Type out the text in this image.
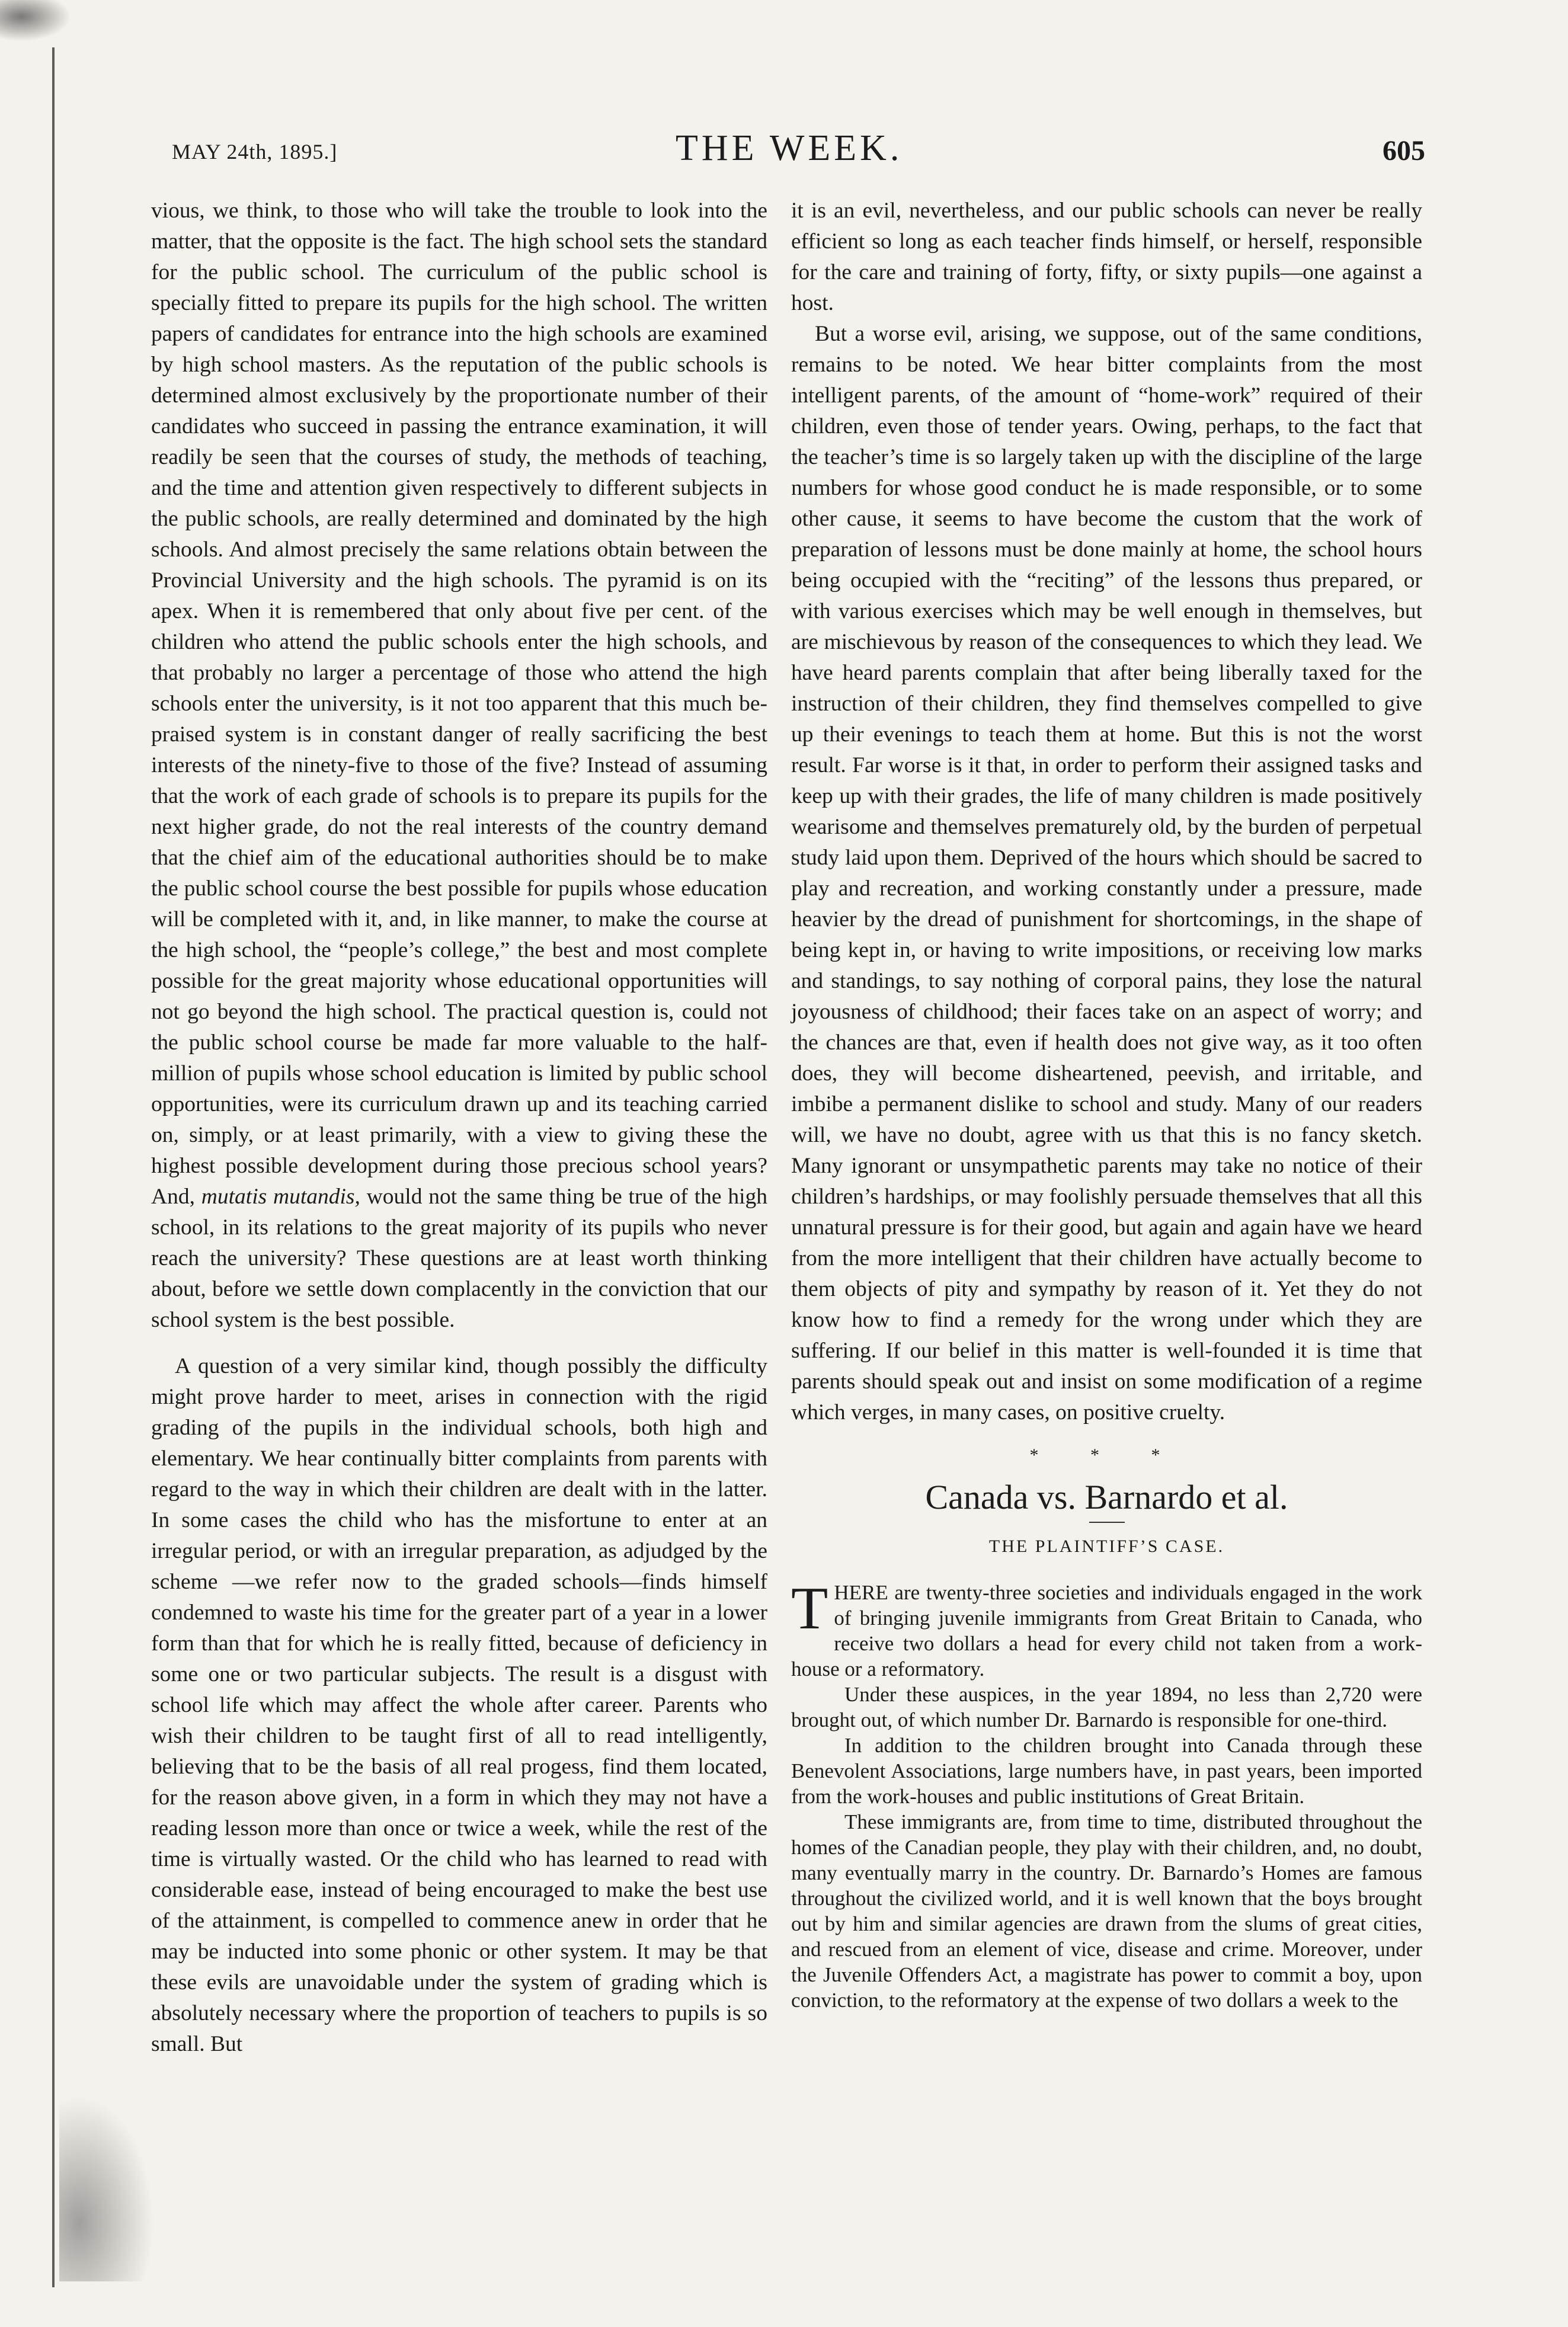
MAY 24th, 1895.]	THE WEEK.	605

vious, we think, to those who will take the trouble to look into the matter, that the opposite is the fact. The high school sets the standard for the public school. The curriculum of the public school is specially fitted to prepare its pupils for the high school. The written papers of candidates for entrance into the high schools are examined by high school masters. As the reputation of the public schools is determined almost exclusively by the proportionate number of their candidates who succeed in passing the entrance examination, it will readily be seen that the courses of study, the methods of teaching, and the time and attention given respectively to different subjects in the public schools, are really determined and dominated by the high schools. And almost precisely the same relations obtain between the Provincial University and the high schools. The pyramid is on its apex. When it is remembered that only about five per cent. of the children who attend the public schools enter the high schools, and that probably no larger a percentage of those who attend the high schools enter the university, is it not too apparent that this much be-praised system is in constant danger of really sacrificing the best interests of the ninety-five to those of the five? Instead of assuming that the work of each grade of schools is to prepare its pupils for the next higher grade, do not the real interests of the country demand that the chief aim of the educational authorities should be to make the public school course the best possible for pupils whose education will be completed with it, and, in like manner, to make the course at the high school, the “people’s college,” the best and most complete possible for the great majority whose educational opportunities will not go beyond the high school. The practical question is, could not the public school course be made far more valuable to the half-million of pupils whose school education is limited by public school opportunities, were its curriculum drawn up and its teaching carried on, simply, or at least primarily, with a view to giving these the highest possible development during those precious school years? And, mutatis mutandis, would not the same thing be true of the high school, in its relations to the great majority of its pupils who never reach the university? These questions are at least worth thinking about, before we settle down complacently in the conviction that our school system is the best possible.

A question of a very similar kind, though possibly the difficulty might prove harder to meet, arises in connection with the rigid grading of the pupils in the individual schools, both high and elementary. We hear continually bitter complaints from parents with regard to the way in which their children are dealt with in the latter. In some cases the child who has the misfortune to enter at an irregular period, or with an irregular preparation, as adjudged by the scheme —we refer now to the graded schools—finds himself condemned to waste his time for the greater part of a year in a lower form than that for which he is really fitted, because of deficiency in some one or two particular subjects. The result is a disgust with school life which may affect the whole after career. Parents who wish their children to be taught first of all to read intelligently, believing that to be the basis of all real progess, find them located, for the reason above given, in a form in which they may not have a reading lesson more than once or twice a week, while the rest of the time is virtually wasted. Or the child who has learned to read with considerable ease, instead of being encouraged to make the best use of the attainment, is compelled to commence anew in order that he may be inducted into some phonic or other system. It may be that these evils are unavoidable under the system of grading which is absolutely necessary where the proportion of teachers to pupils is so small. But

it is an evil, nevertheless, and our public schools can never be really efficient so long as each teacher finds himself, or herself, responsible for the care and training of forty, fifty, or sixty pupils—one against a host.

But a worse evil, arising, we suppose, out of the same conditions, remains to be noted. We hear bitter complaints from the most intelligent parents, of the amount of “home-work” required of their children, even those of tender years. Owing, perhaps, to the fact that the teacher’s time is so largely taken up with the discipline of the large numbers for whose good conduct he is made responsible, or to some other cause, it seems to have become the custom that the work of preparation of lessons must be done mainly at home, the school hours being occupied with the “reciting” of the lessons thus prepared, or with various exercises which may be well enough in themselves, but are mischievous by reason of the consequences to which they lead. We have heard parents complain that after being liberally taxed for the instruction of their children, they find themselves compelled to give up their evenings to teach them at home. But this is not the worst result. Far worse is it that, in order to perform their assigned tasks and keep up with their grades, the life of many children is made positively wearisome and themselves prematurely old, by the burden of perpetual study laid upon them. Deprived of the hours which should be sacred to play and recreation, and working constantly under a pressure, made heavier by the dread of punishment for shortcomings, in the shape of being kept in, or having to write impositions, or receiving low marks and standings, to say nothing of corporal pains, they lose the natural joyousness of childhood; their faces take on an aspect of worry; and the chances are that, even if health does not give way, as it too often does, they will become disheartened, peevish, and irritable, and imbibe a permanent dislike to school and study. Many of our readers will, we have no doubt, agree with us that this is no fancy sketch. Many ignorant or unsympathetic parents may take no notice of their children’s hardships, or may foolishly persuade themselves that all this unnatural pressure is for their good, but again and again have we heard from the more intelligent that their children have actually become to them objects of pity and sympathy by reason of it. Yet they do not know how to find a remedy for the wrong under which they are suffering. If our belief in this matter is well-founded it is time that parents should speak out and insist on some modification of a regime which verges, in many cases, on positive cruelty.

* * *
Canada vs. Barnardo et al.
THE PLAINTIFF’S CASE.

THERE are twenty-three societies and individuals engaged in the work of bringing juvenile immigrants from Great Britain to Canada, who receive two dollars a head for every child not taken from a work-house or a reformatory.

Under these auspices, in the year 1894, no less than 2,720 were brought out, of which number Dr. Barnardo is responsible for one-third.

In addition to the children brought into Canada through these Benevolent Associations, large numbers have, in past years, been imported from the work-houses and public institutions of Great Britain.

These immigrants are, from time to time, distributed throughout the homes of the Canadian people, they play with their children, and, no doubt, many eventually marry in the country. Dr. Barnardo’s Homes are famous throughout the civilized world, and it is well known that the boys brought out by him and similar agencies are drawn from the slums of great cities, and rescued from an element of vice, disease and crime. Moreover, under the Juvenile Offenders Act, a magistrate has power to commit a boy, upon conviction, to the reformatory at the expense of two dollars a week to the
